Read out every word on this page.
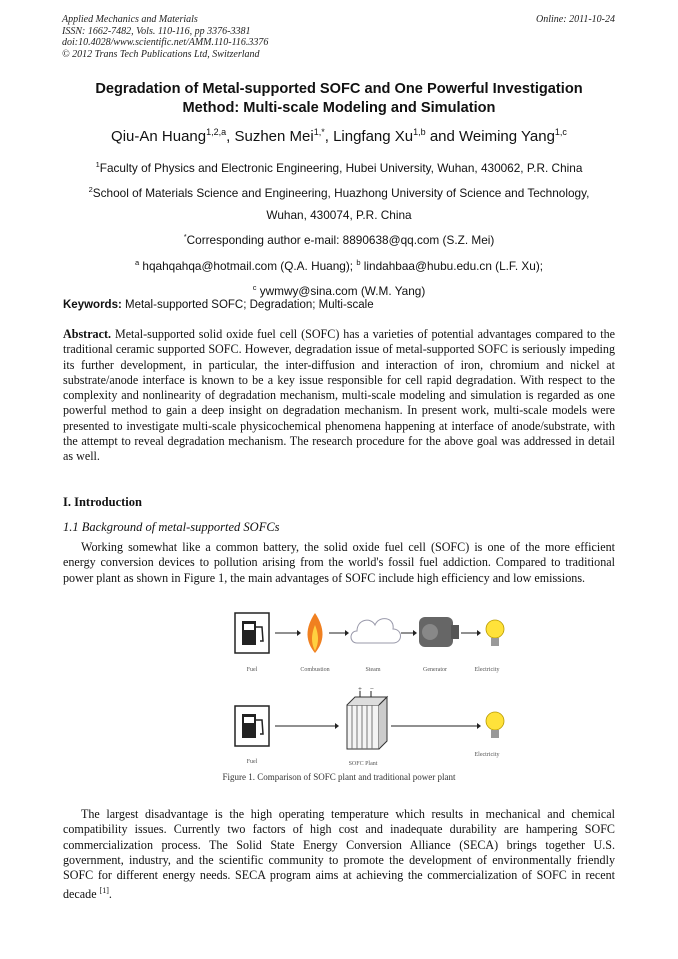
Applied Mechanics and Materials
ISSN: 1662-7482, Vols. 110-116, pp 3376-3381
doi:10.4028/www.scientific.net/AMM.110-116.3376
© 2012 Trans Tech Publications Ltd, Switzerland
Online: 2011-10-24
Degradation of Metal-supported SOFC and One Powerful Investigation
Method: Multi-scale Modeling and Simulation
Qiu-An Huang$^{1,2,a}$, Suzhen Mei$^{1,*}$, Lingfang Xu$^{1,b}$ and Weiming Yang$^{1,c}$
$^1$Faculty of Physics and Electronic Engineering, Hubei University, Wuhan, 430062, P.R. China
$^2$School of Materials Science and Engineering, Huazhong University of Science and Technology,
Wuhan, 430074, P.R. China
*Corresponding author e-mail: 8890638@qq.com (S.Z. Mei)
$^a$ hqahqahqa@hotmail.com (Q.A. Huang); $^b$ lindahbaa@hubu.edu.cn (L.F. Xu);
$^c$ ywmwy@sina.com (W.M. Yang)
Keywords: Metal-supported SOFC; Degradation; Multi-scale
Abstract. Metal-supported solid oxide fuel cell (SOFC) has a varieties of potential advantages compared to the traditional ceramic supported SOFC. However, degradation issue of metal-supported SOFC is seriously impeding its further development, in particular, the inter-diffusion and interaction of iron, chromium and nickel at substrate/anode interface is known to be a key issue responsible for cell rapid degradation. With respect to the complexity and nonlinearity of degradation mechanism, multi-scale modeling and simulation is regarded as one powerful method to gain a deep insight on degradation mechanism. In present work, multi-scale models were presented to investigate multi-scale physicochemical phenomena happening at interface of anode/substrate, with the attempt to reveal degradation mechanism. The research procedure for the above goal was addressed in detail as well.
I. Introduction
1.1 Background of metal-supported SOFCs
Working somewhat like a common battery, the solid oxide fuel cell (SOFC) is one of the more efficient energy conversion devices to pollution arising from the world's fossil fuel addiction. Compared to traditional power plant as shown in Figure 1, the main advantages of SOFC include high efficiency and low emissions.
Fuel	Combustion	Steam	Generator	Electricity
+ −
Fuel	SOFC Plant
Electricity
Figure 1. Comparison of SOFC plant and traditional power plant
The largest disadvantage is the high operating temperature which results in mechanical and chemical compatibility issues. Currently two factors of high cost and inadequate durability are hampering SOFC commercialization process. The Solid State Energy Conversion Alliance (SECA) brings together U.S. government, industry, and the scientific community to promote the development of environmentally friendly SOFC for different energy needs. SECA program aims at achieving the commercialization of SOFC in recent decade [1].
